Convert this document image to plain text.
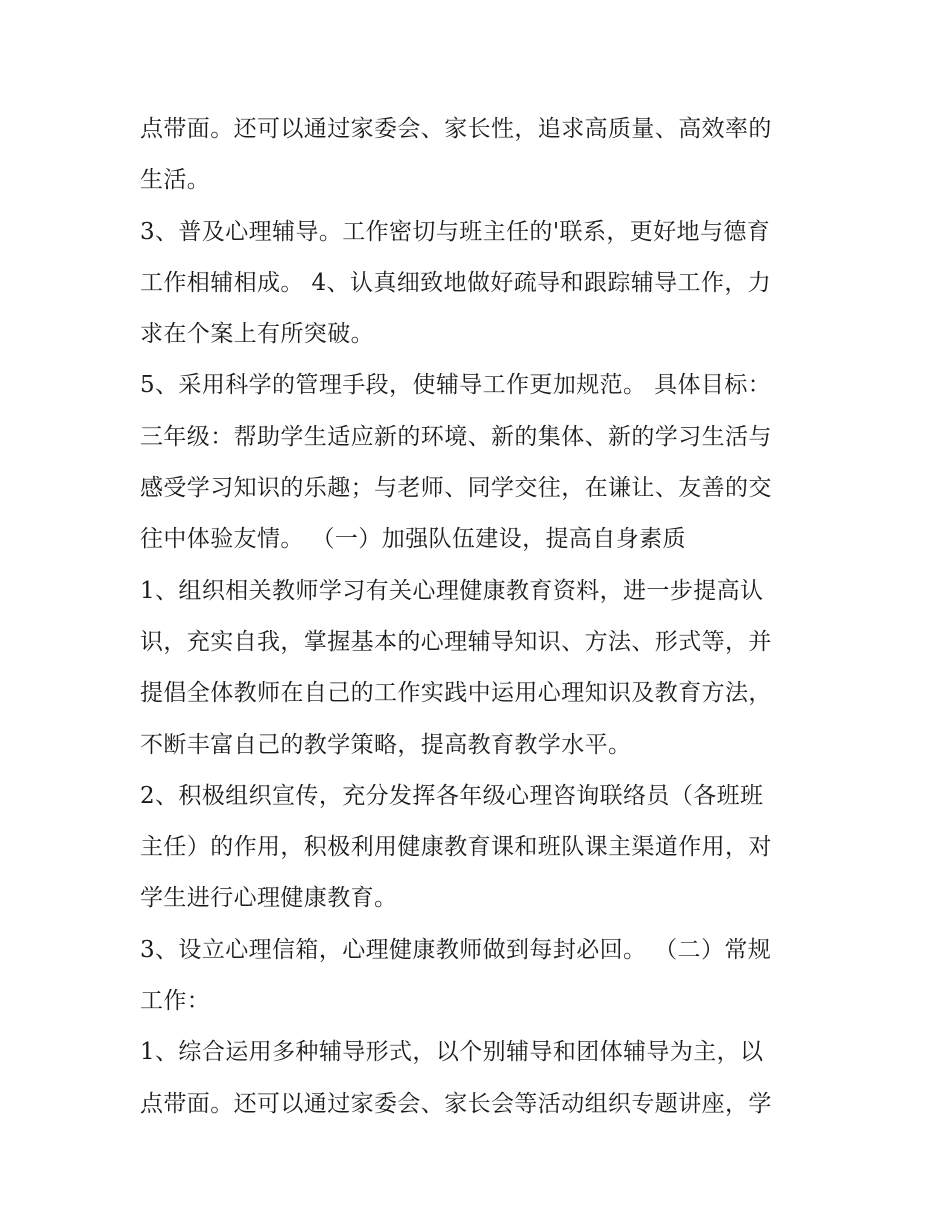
点带面。还可以通过家委会、家长性，追求高质量、高效率的
生活。
3、普及心理辅导。工作密切与班主任的'联系，更好地与德育
工作相辅相成。 4、认真细致地做好疏导和跟踪辅导工作，力
求在个案上有所突破。
5、采用科学的管理手段，使辅导工作更加规范。 具体目标：
三年级：帮助学生适应新的环境、新的集体、新的学习生活与
感受学习知识的乐趣；与老师、同学交往，在谦让、友善的交
往中体验友情。 （一）加强队伍建设，提高自身素质
1、组织相关教师学习有关心理健康教育资料，进一步提高认
识，充实自我，掌握基本的心理辅导知识、方法、形式等，并
提倡全体教师在自己的工作实践中运用心理知识及教育方法，
不断丰富自己的教学策略，提高教育教学水平。
2、积极组织宣传，充分发挥各年级心理咨询联络员（各班班
主任）的作用，积极利用健康教育课和班队课主渠道作用，对
学生进行心理健康教育。
3、设立心理信箱，心理健康教师做到每封必回。 （二）常规
工作：
1、综合运用多种辅导形式，以个别辅导和团体辅导为主，以
点带面。还可以通过家委会、家长会等活动组织专题讲座，学
